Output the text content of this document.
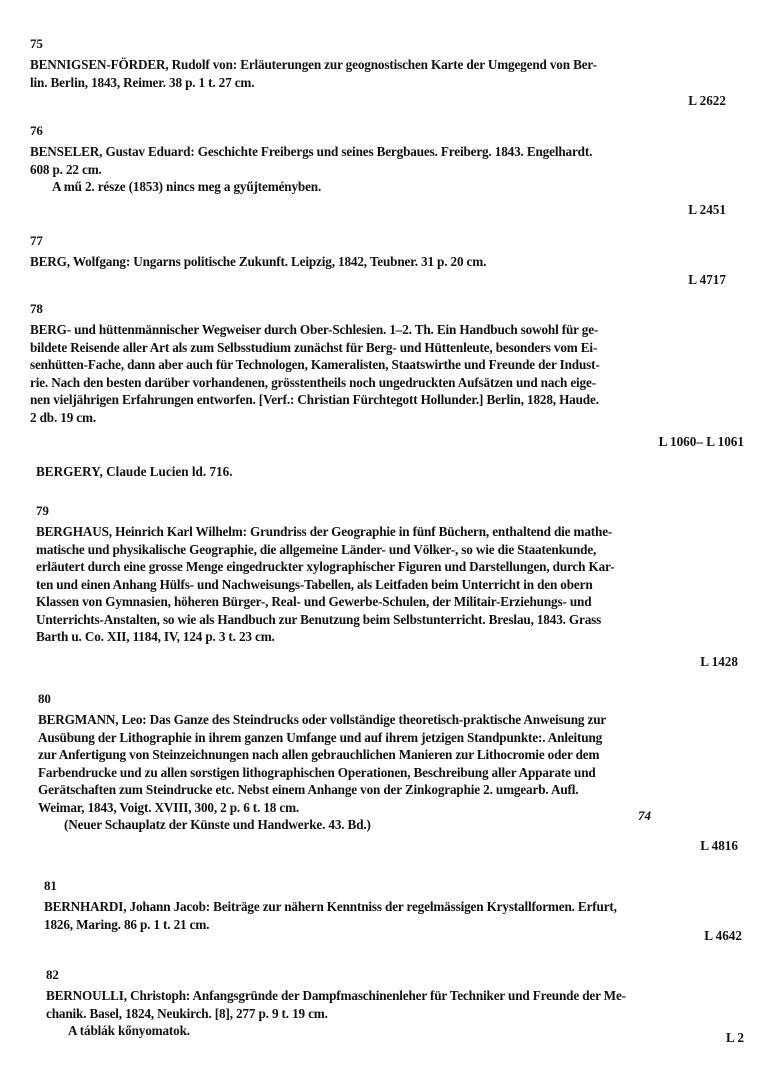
75
BENNIGSEN-FÖRDER, Rudolf von: Erläuterungen zur geognostischen Karte der Umgegend von Ber-
lin. Berlin, 1843, Reimer. 38 p. 1 t. 27 cm.
L 2622
76
BENSELER, Gustav Eduard: Geschichte Freibergs und seines Bergbaues. Freiberg. 1843. Engelhardt.
608 p. 22 cm.
A mű 2. része (1853) nincs meg a gyűjteményben.
L 2451
77
BERG, Wolfgang: Ungarns politische Zukunft. Leipzig, 1842, Teubner. 31 p. 20 cm.
L 4717
78
BERG- und hüttenmännischer Wegweiser durch Ober-Schlesien. 1–2. Th. Ein Handbuch sowohl für ge-
bildete Reisende aller Art als zum Selbsstudium zunächst für Berg- und Hüttenleute, besonders vom Ei-
senhütten-Fache, dann aber auch für Technologen, Kameralisten, Staatswirthe und Freunde der Indust-
rie. Nach den besten darüber vorhandenen, grösstentheils noch ungedruckten Aufsätzen und nach eige-
nen vieljährigen Erfahrungen entworfen. [Verf.: Christian Fürchtegott Hollunder.] Berlin, 1828, Haude.
2 db. 19 cm.
L 1060– L 1061
BERGERY, Claude Lucien ld. 716.
79
BERGHAUS, Heinrich Karl Wilhelm: Grundriss der Geographie in fünf Büchern, enthaltend die mathe-
matische und physikalische Geographie, die allgemeine Länder- und Völker-, so wie die Staatenkunde,
erläutert durch eine grosse Menge eingedruckter xylographischer Figuren und Darstellungen, durch Kar-
ten und einen Anhang Hülfs- und Nachweisungs-Tabellen, als Leitfaden beim Unterricht in den obern
Klassen von Gymnasien, höheren Bürger-, Real- und Gewerbe-Schulen, der Militair-Erziehungs- und
Unterrichts-Anstalten, so wie als Handbuch zur Benutzung beim Selbstunterricht. Breslau, 1843. Grass
Barth u. Co. XII, 1184, IV, 124 p. 3 t. 23 cm.
L 1428
80
BERGMANN, Leo: Das Ganze des Steindrucks oder vollständige theoretisch-praktische Anweisung zur
Ausübung der Lithographie in ihrem ganzen Umfange und auf ihrem jetzigen Standpunkte:. Anleitung
zur Anfertigung von Steinzeichnungen nach allen gebrauchlichen Manieren zur Lithocromie oder dem
Farbendrucke und zu allen sorstigen lithographischen Operationen, Beschreibung aller Apparate und
Gerätschaften zum Steindrucke etc. Nebst einem Anhange von der Zinkographie 2. umgearb. Aufl.
Weimar, 1843, Voigt. XVIII, 300, 2 p. 6 t. 18 cm.
(Neuer Schauplatz der Künste und Handwerke. 43. Bd.)
L 4816
74
81
BERNHARDI, Johann Jacob: Beiträge zur nähern Kenntniss der regelmässigen Krystallformen. Erfurt,
1826, Maring. 86 p. 1 t. 21 cm.
L 4642
82
BERNOULLI, Christoph: Anfangsgründe der Dampfmaschinenleher für Techniker und Freunde der Me-
chanik. Basel, 1824, Neukirch. [8], 277 p. 9 t. 19 cm.
A táblák kőnyomatok.	L 2
